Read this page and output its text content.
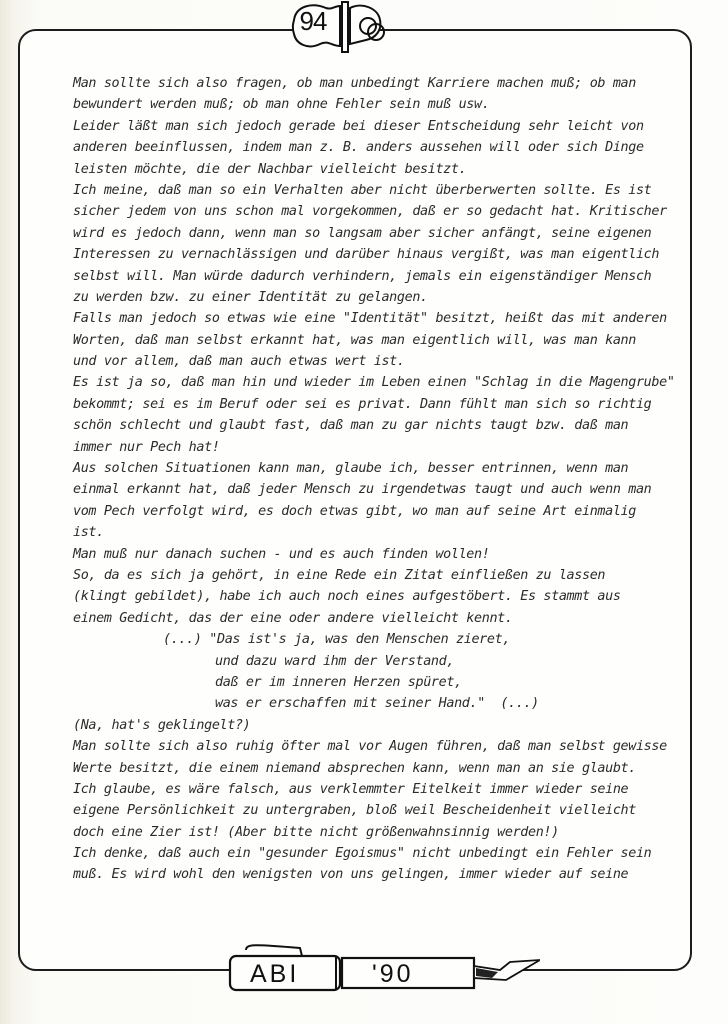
94
ABI	'90
Man sollte sich also fragen, ob man unbedingt Karriere machen muß; ob man
bewundert werden muß; ob man ohne Fehler sein muß usw.
Leider läßt man sich jedoch gerade bei dieser Entscheidung sehr leicht von
anderen beeinflussen, indem man z. B. anders aussehen will oder sich Dinge
leisten möchte, die der Nachbar vielleicht besitzt.
Ich meine, daß man so ein Verhalten aber nicht überberwerten sollte. Es ist
sicher jedem von uns schon mal vorgekommen, daß er so gedacht hat. Kritischer
wird es jedoch dann, wenn man so langsam aber sicher anfängt, seine eigenen
Interessen zu vernachlässigen und darüber hinaus vergißt, was man eigentlich
selbst will. Man würde dadurch verhindern, jemals ein eigenständiger Mensch
zu werden bzw. zu einer Identität zu gelangen.
Falls man jedoch so etwas wie eine "Identität" besitzt, heißt das mit anderen
Worten, daß man selbst erkannt hat, was man eigentlich will, was man kann
und vor allem, daß man auch etwas wert ist.
Es ist ja so, daß man hin und wieder im Leben einen "Schlag in die Magengrube"
bekommt; sei es im Beruf oder sei es privat. Dann fühlt man sich so richtig
schön schlecht und glaubt fast, daß man zu gar nichts taugt bzw. daß man
immer nur Pech hat!
Aus solchen Situationen kann man, glaube ich, besser entrinnen, wenn man
einmal erkannt hat, daß jeder Mensch zu irgendetwas taugt und auch wenn man
vom Pech verfolgt wird, es doch etwas gibt, wo man auf seine Art einmalig
ist.
Man muß nur danach suchen - und es auch finden wollen!
So, da es sich ja gehört, in eine Rede ein Zitat einfließen zu lassen
(klingt gebildet), habe ich auch noch eines aufgestöbert. Es stammt aus
einem Gedicht, das der eine oder andere vielleicht kennt.
(...) "Das ist's ja, was den Menschen zieret,
und dazu ward ihm der Verstand,
daß er im inneren Herzen spüret,
was er erschaffen mit seiner Hand."  (...)
(Na, hat's geklingelt?)
Man sollte sich also ruhig öfter mal vor Augen führen, daß man selbst gewisse
Werte besitzt, die einem niemand absprechen kann, wenn man an sie glaubt.
Ich glaube, es wäre falsch, aus verklemmter Eitelkeit immer wieder seine
eigene Persönlichkeit zu untergraben, bloß weil Bescheidenheit vielleicht
doch eine Zier ist! (Aber bitte nicht größenwahnsinnig werden!)
Ich denke, daß auch ein "gesunder Egoismus" nicht unbedingt ein Fehler sein
muß. Es wird wohl den wenigsten von uns gelingen, immer wieder auf seine
